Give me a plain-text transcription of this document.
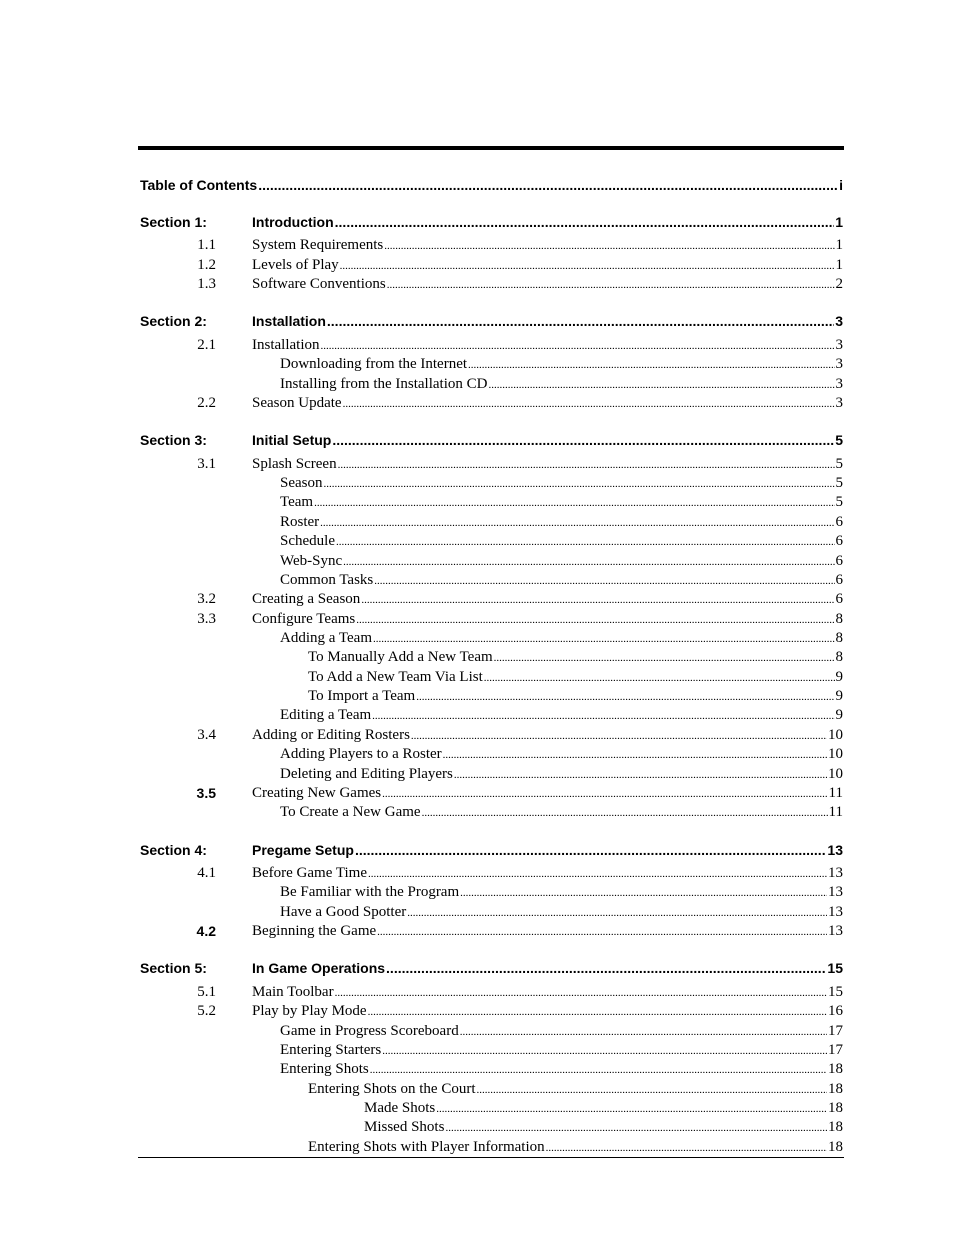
Table of Contents .....	i
Section 1:	Introduction .....	1
1.1 System Requirements .....	1
1.2 Levels of Play .....	1
1.3 Software Conventions .....	2
Section 2:	Installation .....	3
2.1 Installation .....	3
Downloading from the Internet .....	3
Installing from the Installation CD .....	3
2.2 Season Update .....	3
Section 3:	Initial Setup .....	5
3.1 Splash Screen .....	5
Season .....	5
Team .....	5
Roster .....	6
Schedule .....	6
Web-Sync .....	6
Common Tasks .....	6
3.2 Creating a Season .....	6
3.3 Configure Teams .....	8
Adding a Team .....	8
To Manually Add a New Team .....	8
To Add a New Team Via List .....	9
To Import a Team .....	9
Editing a Team .....	9
3.4 Adding or Editing Rosters .....	10
Adding Players to a Roster .....	10
Deleting and Editing Players .....	10
3.5 Creating New Games .....	11
To Create a New Game .....	11
Section 4:	Pregame Setup .....	13
4.1 Before Game Time .....	13
Be Familiar with the Program .....	13
Have a Good Spotter .....	13
4.2 Beginning the Game .....	13
Section 5:	In Game Operations .....	15
5.1 Main Toolbar .....	15
5.2 Play by Play Mode .....	16
Game in Progress Scoreboard .....	17
Entering Starters .....	17
Entering Shots .....	18
Entering Shots on the Court .....	18
Made Shots .....	18
Missed Shots .....	18
Entering Shots with Player Information .....	18
